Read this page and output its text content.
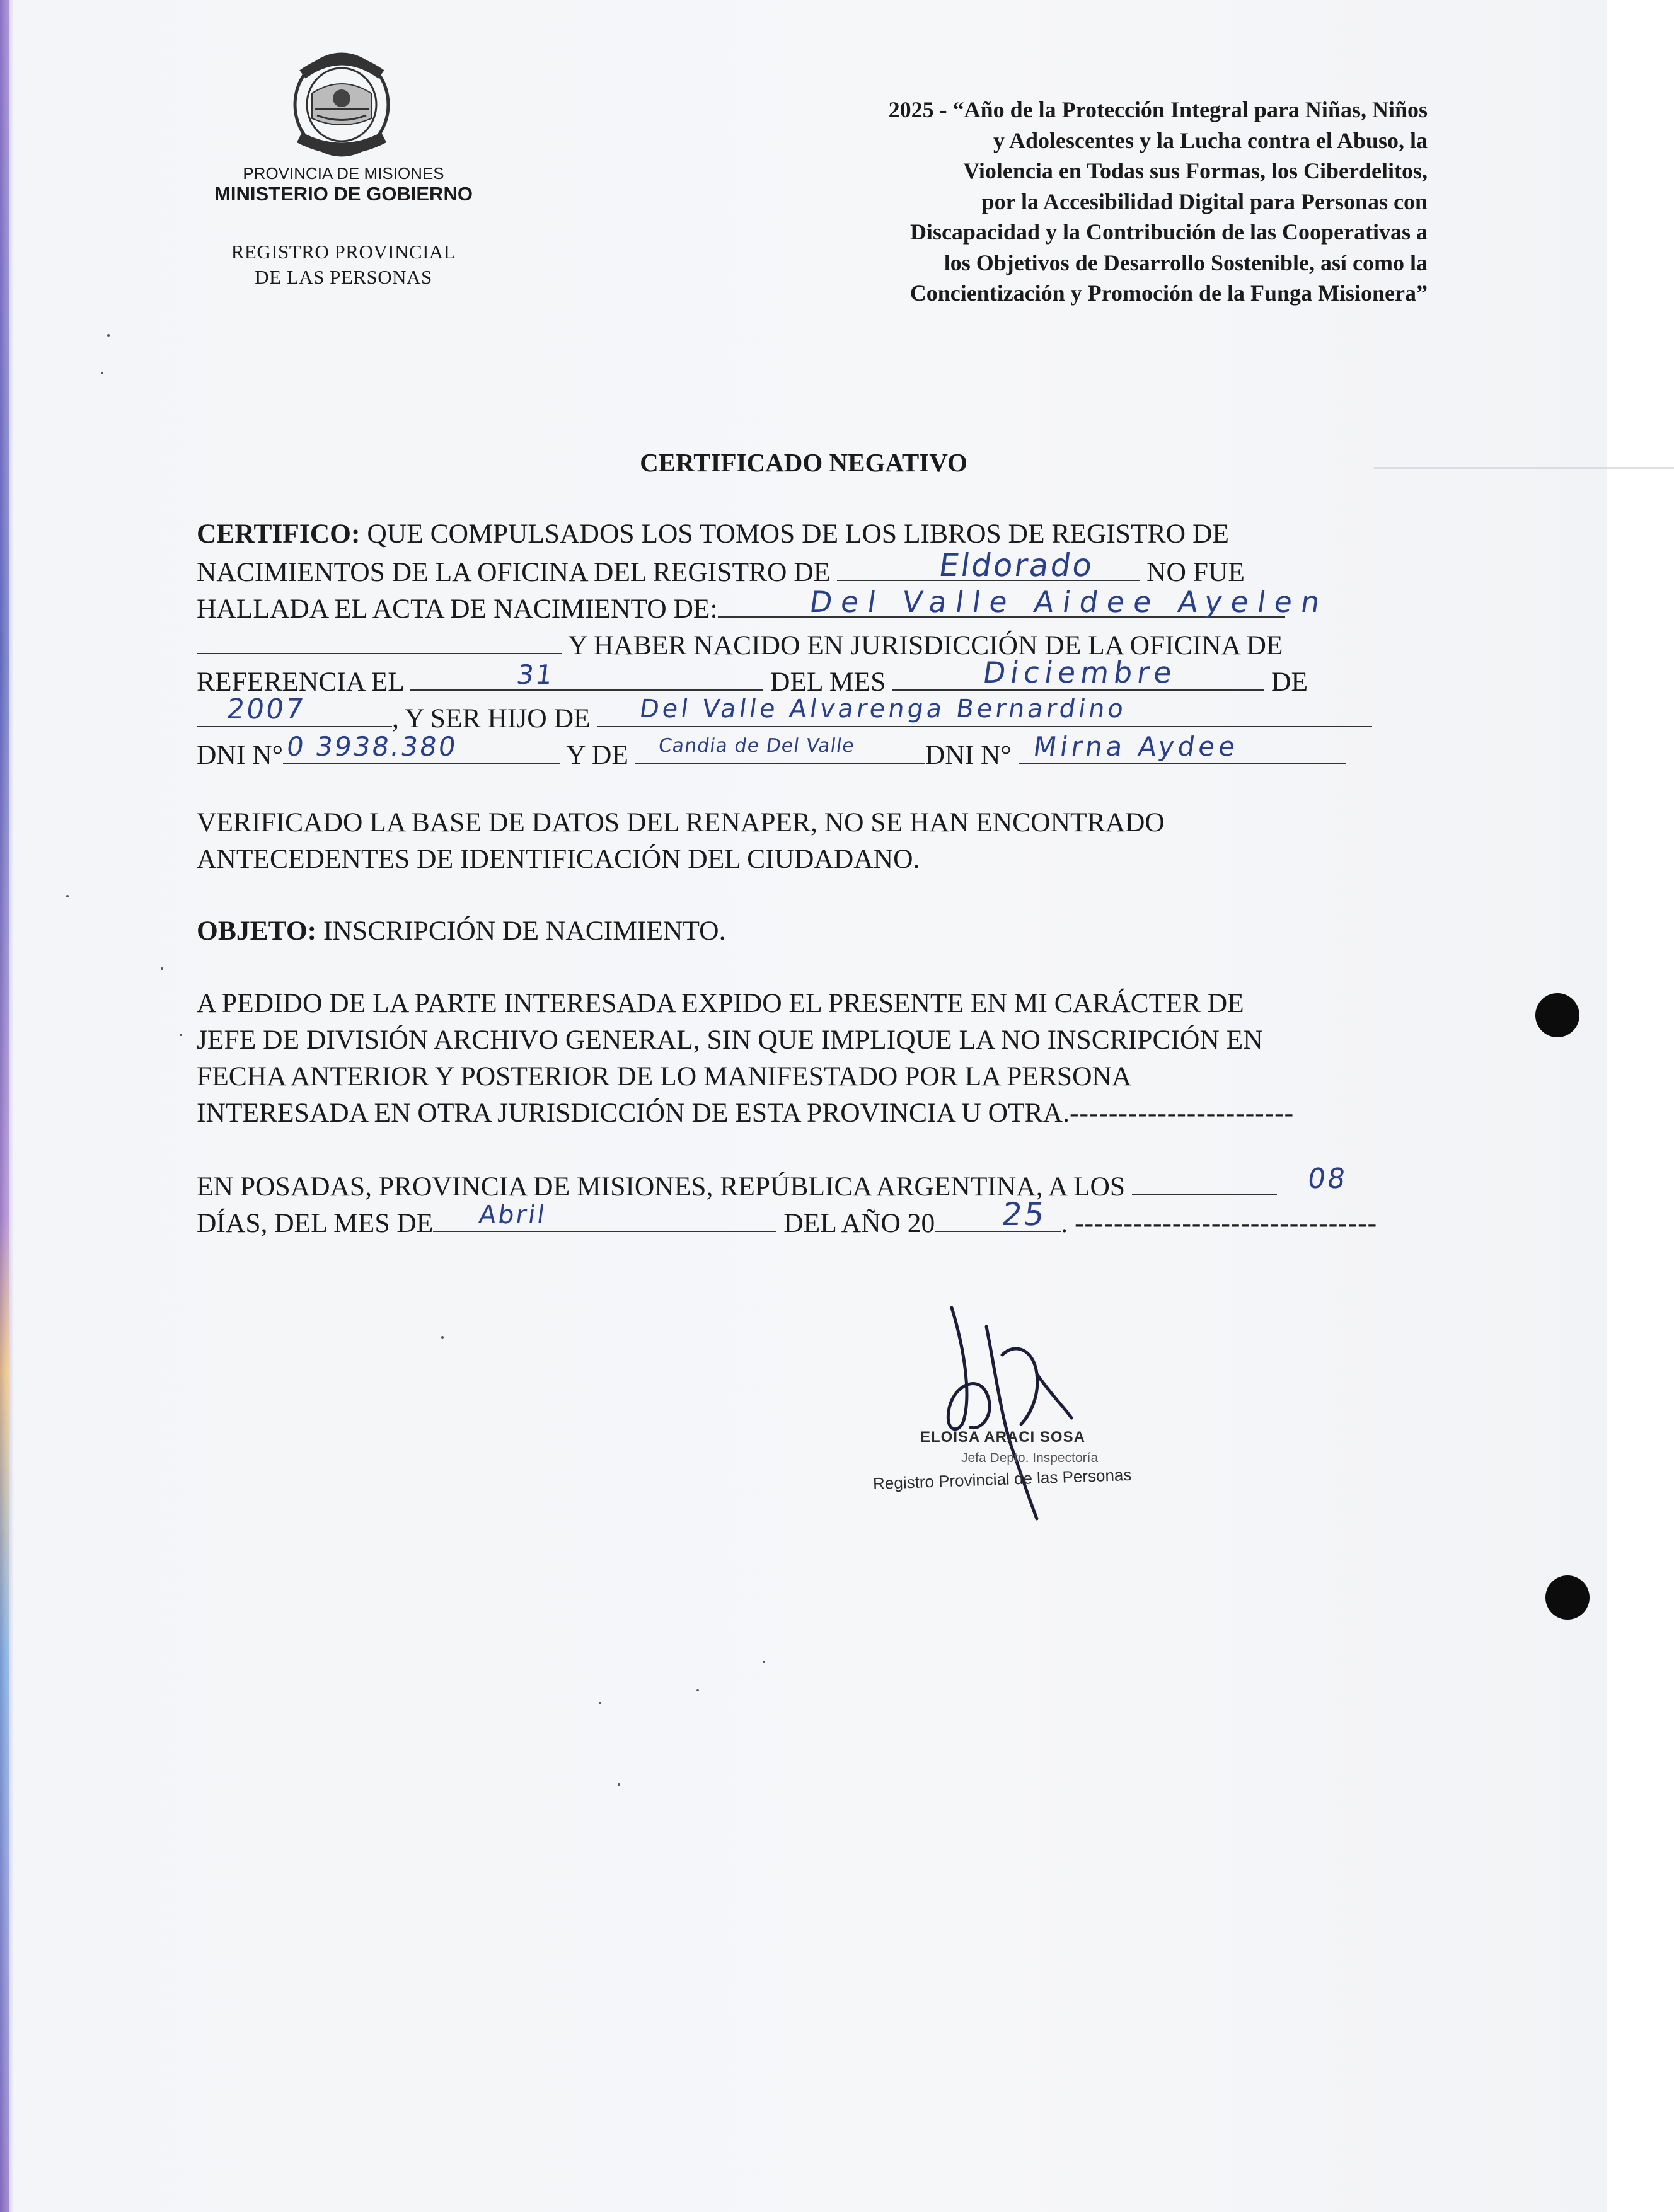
────────────
PROVINCIA DE MISIONES
MINISTERIO DE GOBIERNO
REGISTRO PROVINCIAL
DE LAS PERSONAS
2025 - “Año de la Protección Integral para Niñas, Niños
y Adolescentes y la Lucha contra el Abuso, la
Violencia en Todas sus Formas, los Ciberdelitos,
por la Accesibilidad Digital para Personas con
Discapacidad y la Contribución de las Cooperativas a
los Objetivos de Desarrollo Sostenible, así como la
Concientización y Promoción de la Funga Misionera”
CERTIFICADO NEGATIVO
CERTIFICO: QUE COMPULSADOS LOS TOMOS DE LOS LIBROS DE REGISTRO DE
NACIMIENTOS DE LA OFICINA DEL REGISTRO DE	NO FUE
HALLADA EL ACTA DE NACIMIENTO DE:
Y HABER NACIDO EN JURISDICCIÓN DE LA OFICINA DE
REFERENCIA EL	DEL MES	DE
, Y SER HIJO DE
DNI N°	Y DE	DNI N°
Eldorado
Del Valle Aidee Ayelen
31	Diciembre
2007	Del Valle Alvarenga Bernardino
0 3938.380	Candia de Del Valle	Mirna Aydee
VERIFICADO LA BASE DE DATOS DEL RENAPER, NO SE HAN ENCONTRADO
ANTECEDENTES DE IDENTIFICACIÓN DEL CIUDADANO.
OBJETO: INSCRIPCIÓN DE NACIMIENTO.
A PEDIDO DE LA PARTE INTERESADA EXPIDO EL PRESENTE EN MI CARÁCTER DE
JEFE DE DIVISIÓN ARCHIVO GENERAL, SIN QUE IMPLIQUE LA NO INSCRIPCIÓN EN
FECHA ANTERIOR Y POSTERIOR DE LO MANIFESTADO POR LA PERSONA
INTERESADA EN OTRA JURISDICCIÓN DE ESTA PROVINCIA U OTRA.-----------------------
EN POSADAS, PROVINCIA DE MISIONES, REPÚBLICA ARGENTINA, A LOS
DÍAS, DEL MES DE	DEL AÑO 20	. -------------------------------
08
Abril	25
ELOISA ARACI SOSA
Jefa Depto. Inspectoría
Registro Provincial de las Personas
